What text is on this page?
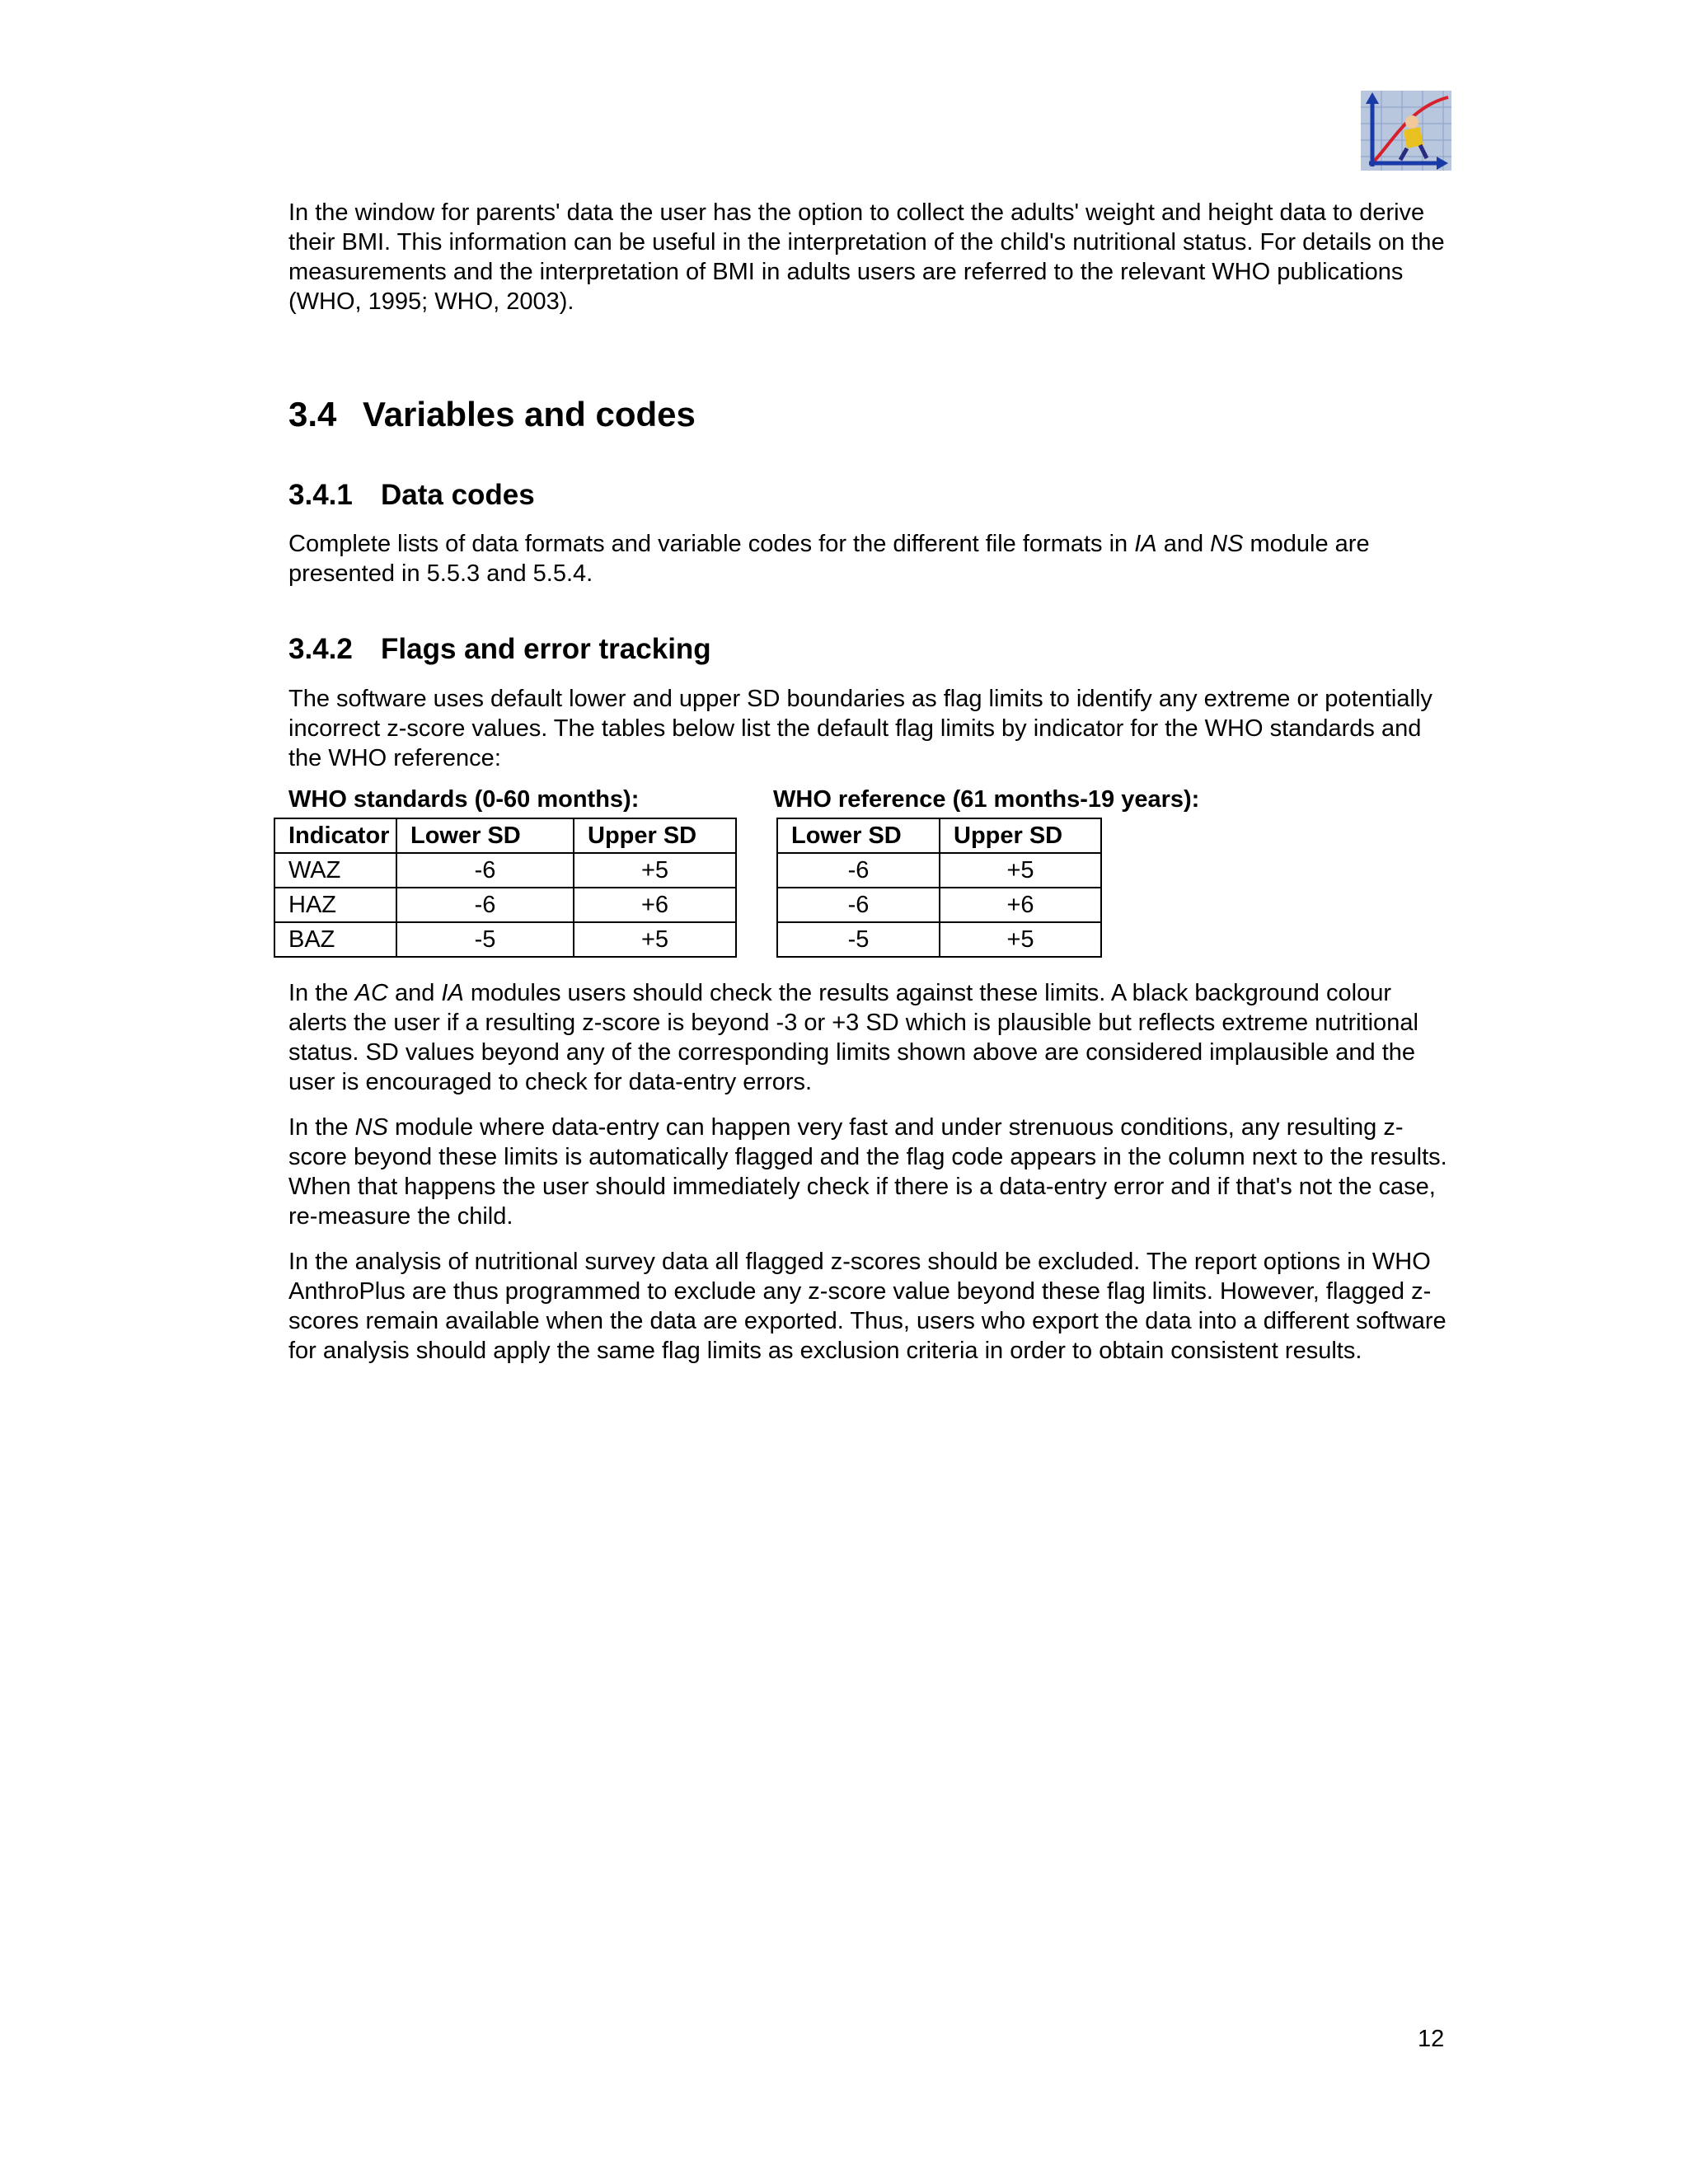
In the window for parents' data the user has the option to collect the adults' weight and height data to derive their BMI. This information can be useful in the interpretation of the child's nutritional status. For details on the measurements and the interpretation of BMI in adults users are referred to the relevant WHO publications (WHO, 1995; WHO, 2003).

3.4 Variables and codes
3.4.1 Data codes

Complete lists of data formats and variable codes for the different file formats in IA and NS module are presented in 5.5.3 and 5.5.4.

3.4.2 Flags and error tracking

The software uses default lower and upper SD boundaries as flag limits to identify any extreme or potentially incorrect z-score values. The tables below list the default flag limits by indicator for the WHO standards and the WHO reference:

WHO standards (0-60 months):	WHO reference (61 months-19 years):

Indicator	Lower SD	Upper SD
WAZ	-6	+5
HAZ	-6	+6
BAZ	-5	+5
Lower SD	Upper SD
-6	+5
-6	+6
-5	+5

In the AC and IA modules users should check the results against these limits. A black background colour alerts the user if a resulting z-score is beyond -3 or +3 SD which is plausible but reflects extreme nutritional status. SD values beyond any of the corresponding limits shown above are considered implausible and the user is encouraged to check for data-entry errors.

In the NS module where data-entry can happen very fast and under strenuous conditions, any resulting z-score beyond these limits is automatically flagged and the flag code appears in the column next to the results. When that happens the user should immediately check if there is a data-entry error and if that's not the case, re-measure the child.

In the analysis of nutritional survey data all flagged z-scores should be excluded. The report options in WHO AnthroPlus are thus programmed to exclude any z-score value beyond these flag limits. However, flagged z-scores remain available when the data are exported. Thus, users who export the data into a different software for analysis should apply the same flag limits as exclusion criteria in order to obtain consistent results.

12
